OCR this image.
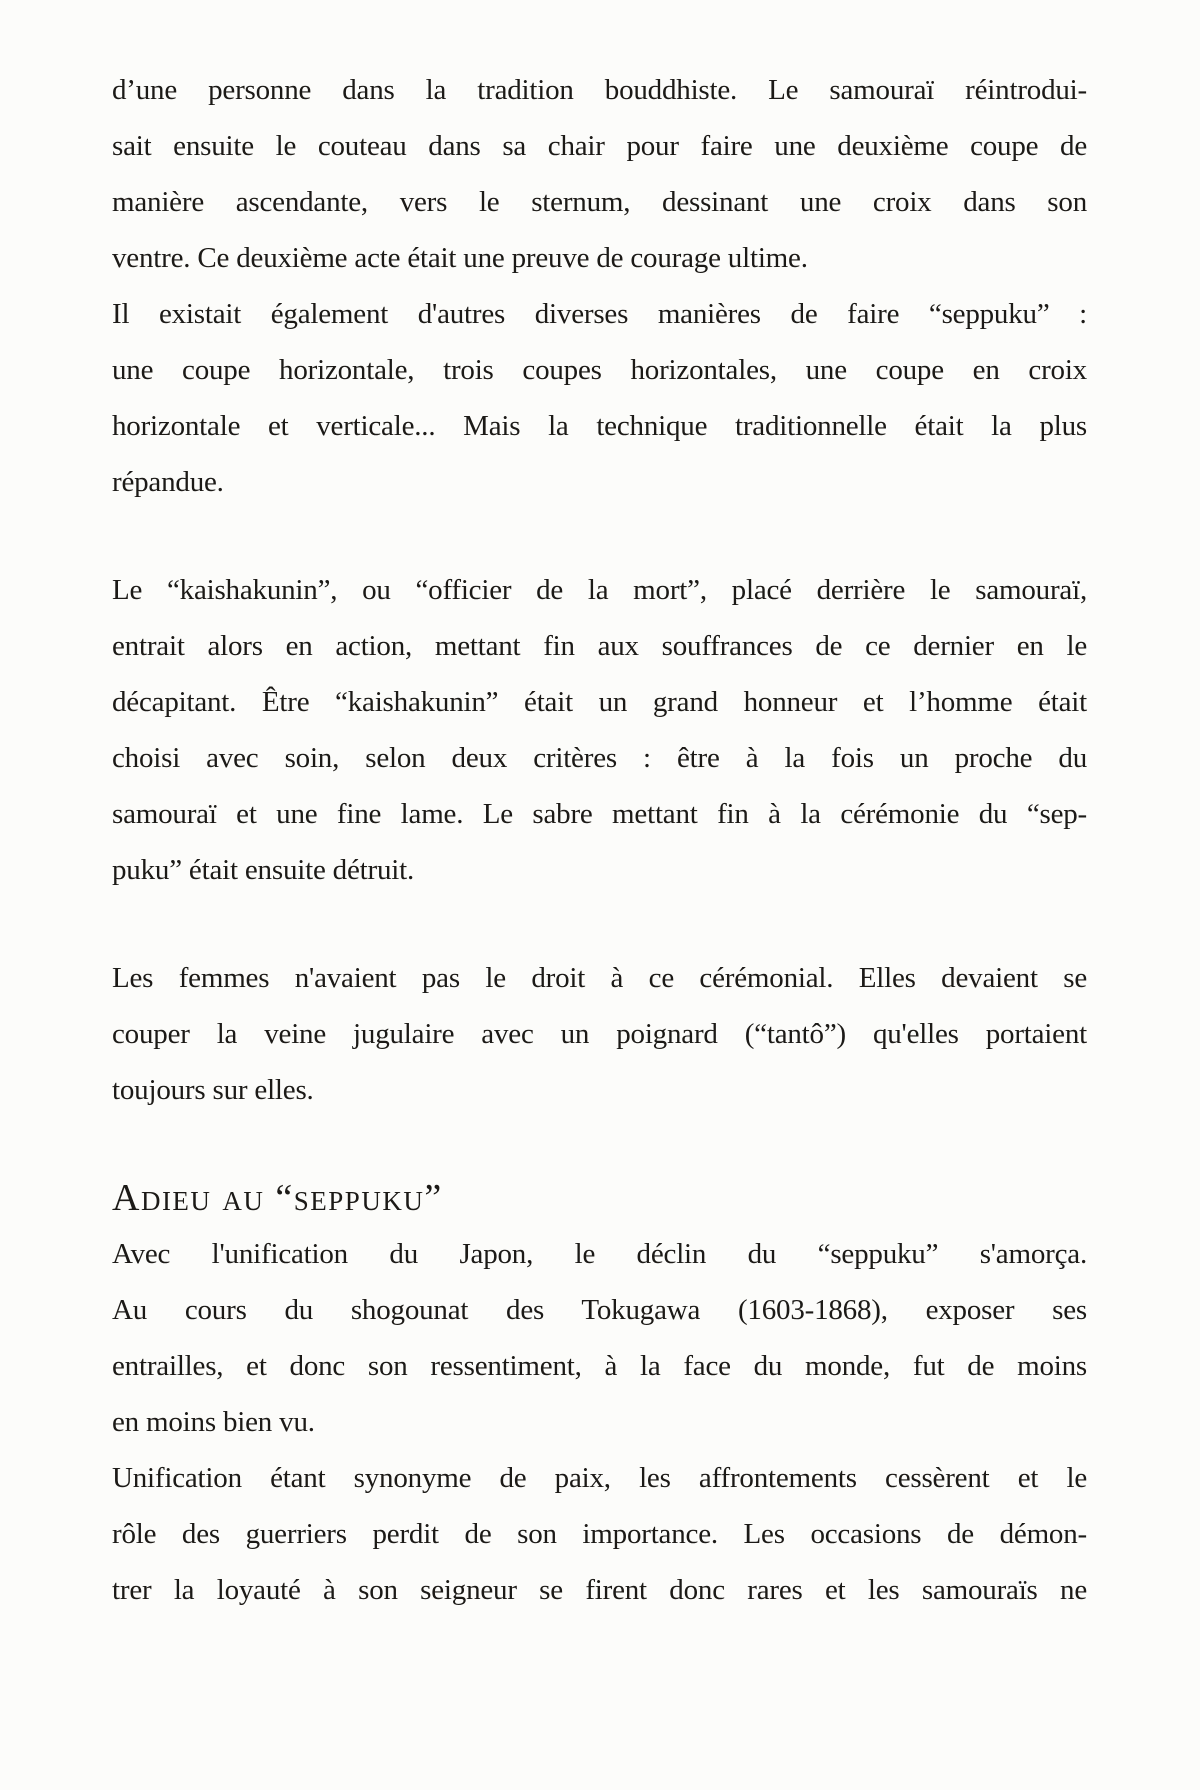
d’une personne dans la tradition bouddhiste. Le samouraï réintrodui-
sait ensuite le couteau dans sa chair pour faire une deuxième coupe de
manière ascendante, vers le sternum, dessinant une croix dans son
ventre. Ce deuxième acte était une preuve de courage ultime.
Il existait également d'autres diverses manières de faire “seppuku” :
une coupe horizontale, trois coupes horizontales, une coupe en croix
horizontale et verticale... Mais la technique traditionnelle était la plus
répandue.
Le “kaishakunin”, ou “officier de la mort”, placé derrière le samouraï,
entrait alors en action, mettant fin aux souffrances de ce dernier en le
décapitant. Être “kaishakunin” était un grand honneur et l’homme était
choisi avec soin, selon deux critères : être à la fois un proche du
samouraï et une fine lame. Le sabre mettant fin à la cérémonie du “sep-
puku” était ensuite détruit.
Les femmes n'avaient pas le droit à ce cérémonial. Elles devaient se
couper la veine jugulaire avec un poignard (“tantô”) qu'elles portaient
toujours sur elles.
Adieu au “seppuku”
Avec l'unification du Japon, le déclin du “seppuku” s'amorça.
Au cours du shogounat des Tokugawa (1603-1868), exposer ses
entrailles, et donc son ressentiment, à la face du monde, fut de moins
en moins bien vu.
Unification étant synonyme de paix, les affrontements cessèrent et le
rôle des guerriers perdit de son importance. Les occasions de démon-
trer la loyauté à son seigneur se firent donc rares et les samouraïs ne
